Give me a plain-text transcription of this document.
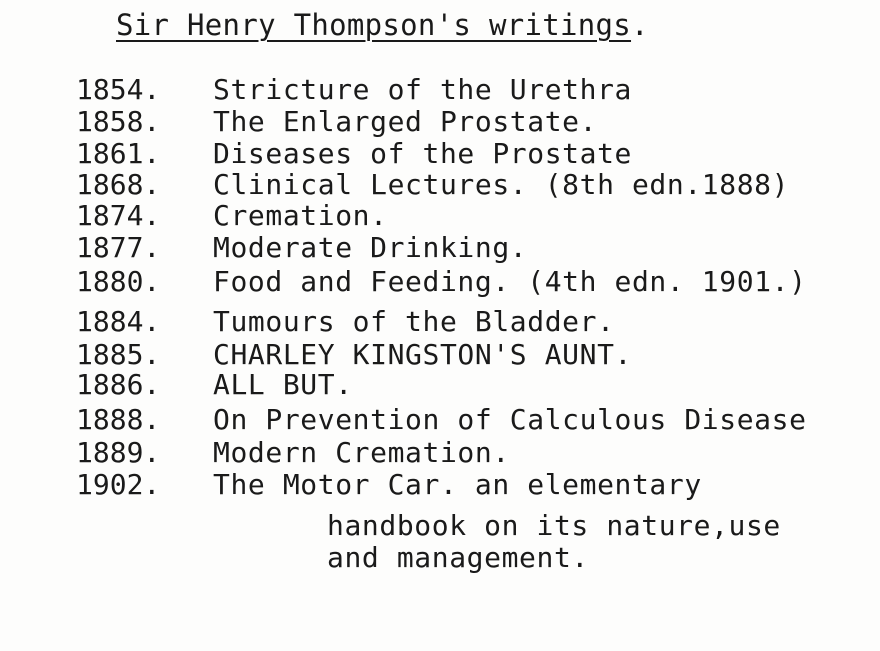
Sir Henry Thompson's writings.
1854. Stricture of the Urethra
1858. The Enlarged Prostate.
1861. Diseases of the Prostate
1868. Clinical Lectures. (8th edn.1888)
1874. Cremation.
1877. Moderate Drinking.
1880. Food and Feeding. (4th edn. 1901.)
1884. Tumours of the Bladder.
1885. CHARLEY KINGSTON'S AUNT.
1886. ALL BUT.
1888. On Prevention of Calculous Disease
1889. Modern Cremation.
1902. The Motor Car. an elementary
handbook on its nature,use
and management.
